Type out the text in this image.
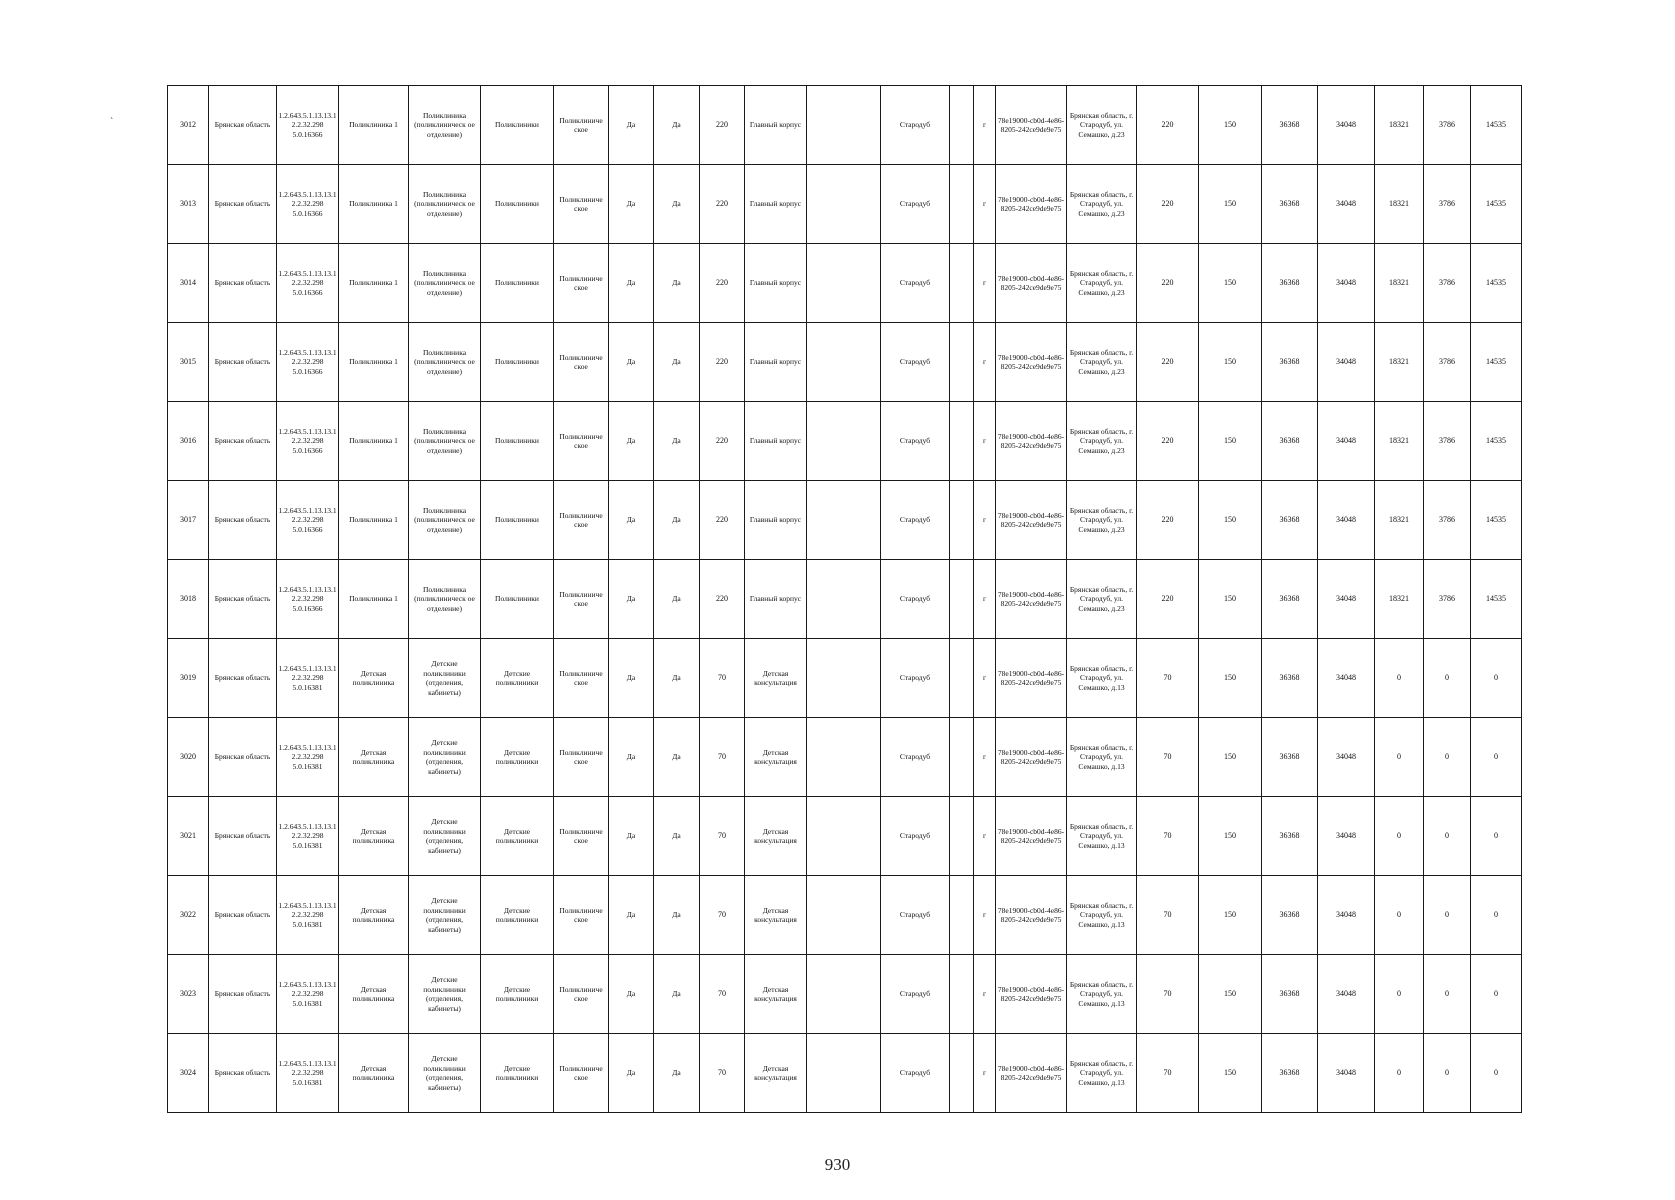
ˋ	3012	Брянская область	1.2.643.5.1.13.13.12.2.32.298 5.0.16366	Поликлиника 1	Поликлиника (поликлиническ ое отделение)	Поликлиники	Поликлиниче ское	Да	Да	220	Главный корпус		Стародуб		г	78e19000-cb0d-4e86-8205-242ce9de9e75	Брянская область, г. Стародуб, ул. Семашко, д.23	220	150	36368	34048	18321	3786	14535
3013	Брянская область	1.2.643.5.1.13.13.12.2.32.298 5.0.16366	Поликлиника 1	Поликлиника (поликлиническ ое отделение)	Поликлиники	Поликлиниче ское	Да	Да	220	Главный корпус		Стародуб		г	78e19000-cb0d-4e86-8205-242ce9de9e75	Брянская область, г. Стародуб, ул. Семашко, д.23	220	150	36368	34048	18321	3786	14535
3014	Брянская область	1.2.643.5.1.13.13.12.2.32.298 5.0.16366	Поликлиника 1	Поликлиника (поликлиническ ое отделение)	Поликлиники	Поликлиниче ское	Да	Да	220	Главный корпус		Стародуб		г	78e19000-cb0d-4e86-8205-242ce9de9e75	Брянская область, г. Стародуб, ул. Семашко, д.23	220	150	36368	34048	18321	3786	14535
3015	Брянская область	1.2.643.5.1.13.13.12.2.32.298 5.0.16366	Поликлиника 1	Поликлиника (поликлиническ ое отделение)	Поликлиники	Поликлиниче ское	Да	Да	220	Главный корпус		Стародуб		г	78e19000-cb0d-4e86-8205-242ce9de9e75	Брянская область, г. Стародуб, ул. Семашко, д.23	220	150	36368	34048	18321	3786	14535
3016	Брянская область	1.2.643.5.1.13.13.12.2.32.298 5.0.16366	Поликлиника 1	Поликлиника (поликлиническ ое отделение)	Поликлиники	Поликлиниче ское	Да	Да	220	Главный корпус		Стародуб		г	78e19000-cb0d-4e86-8205-242ce9de9e75	Брянская область, г. Стародуб, ул. Семашко, д.23	220	150	36368	34048	18321	3786	14535
3017	Брянская область	1.2.643.5.1.13.13.12.2.32.298 5.0.16366	Поликлиника 1	Поликлиника (поликлиническ ое отделение)	Поликлиники	Поликлиниче ское	Да	Да	220	Главный корпус		Стародуб		г	78e19000-cb0d-4e86-8205-242ce9de9e75	Брянская область, г. Стародуб, ул. Семашко, д.23	220	150	36368	34048	18321	3786	14535
3018	Брянская область	1.2.643.5.1.13.13.12.2.32.298 5.0.16366	Поликлиника 1	Поликлиника (поликлиническ ое отделение)	Поликлиники	Поликлиниче ское	Да	Да	220	Главный корпус		Стародуб		г	78e19000-cb0d-4e86-8205-242ce9de9e75	Брянская область, г. Стародуб, ул. Семашко, д.23	220	150	36368	34048	18321	3786	14535
3019	Брянская область	1.2.643.5.1.13.13.12.2.32.298 5.0.16381	Детская поликлиника	Детские поликлиники (отделения, кабинеты)	Детские поликлиники	Поликлиниче ское	Да	Да	70	Детская консультация		Стародуб		г	78e19000-cb0d-4e86-8205-242ce9de9e75	Брянская область, г. Стародуб, ул. Семашко, д.13	70	150	36368	34048	0	0	0
3020	Брянская область	1.2.643.5.1.13.13.12.2.32.298 5.0.16381	Детская поликлиника	Детские поликлиники (отделения, кабинеты)	Детские поликлиники	Поликлиниче ское	Да	Да	70	Детская консультация		Стародуб		г	78e19000-cb0d-4e86-8205-242ce9de9e75	Брянская область, г. Стародуб, ул. Семашко, д.13	70	150	36368	34048	0	0	0
3021	Брянская область	1.2.643.5.1.13.13.12.2.32.298 5.0.16381	Детская поликлиника	Детские поликлиники (отделения, кабинеты)	Детские поликлиники	Поликлиниче ское	Да	Да	70	Детская консультация		Стародуб		г	78e19000-cb0d-4e86-8205-242ce9de9e75	Брянская область, г. Стародуб, ул. Семашко, д.13	70	150	36368	34048	0	0	0
3022	Брянская область	1.2.643.5.1.13.13.12.2.32.298 5.0.16381	Детская поликлиника	Детские поликлиники (отделения, кабинеты)	Детские поликлиники	Поликлиниче ское	Да	Да	70	Детская консультация		Стародуб		г	78e19000-cb0d-4e86-8205-242ce9de9e75	Брянская область, г. Стародуб, ул. Семашко, д.13	70	150	36368	34048	0	0	0
3023	Брянская область	1.2.643.5.1.13.13.12.2.32.298 5.0.16381	Детская поликлиника	Детские поликлиники (отделения, кабинеты)	Детские поликлиники	Поликлиниче ское	Да	Да	70	Детская консультация		Стародуб		г	78e19000-cb0d-4e86-8205-242ce9de9e75	Брянская область, г. Стародуб, ул. Семашко, д.13	70	150	36368	34048	0	0	0
3024	Брянская область	1.2.643.5.1.13.13.12.2.32.298 5.0.16381	Детская поликлиника	Детские поликлиники (отделения, кабинеты)	Детские поликлиники	Поликлиниче ское	Да	Да	70	Детская консультация		Стародуб		г	78e19000-cb0d-4e86-8205-242ce9de9e75	Брянская область, г. Стародуб, ул. Семашко, д.13	70	150	36368	34048	0	0	0
930
